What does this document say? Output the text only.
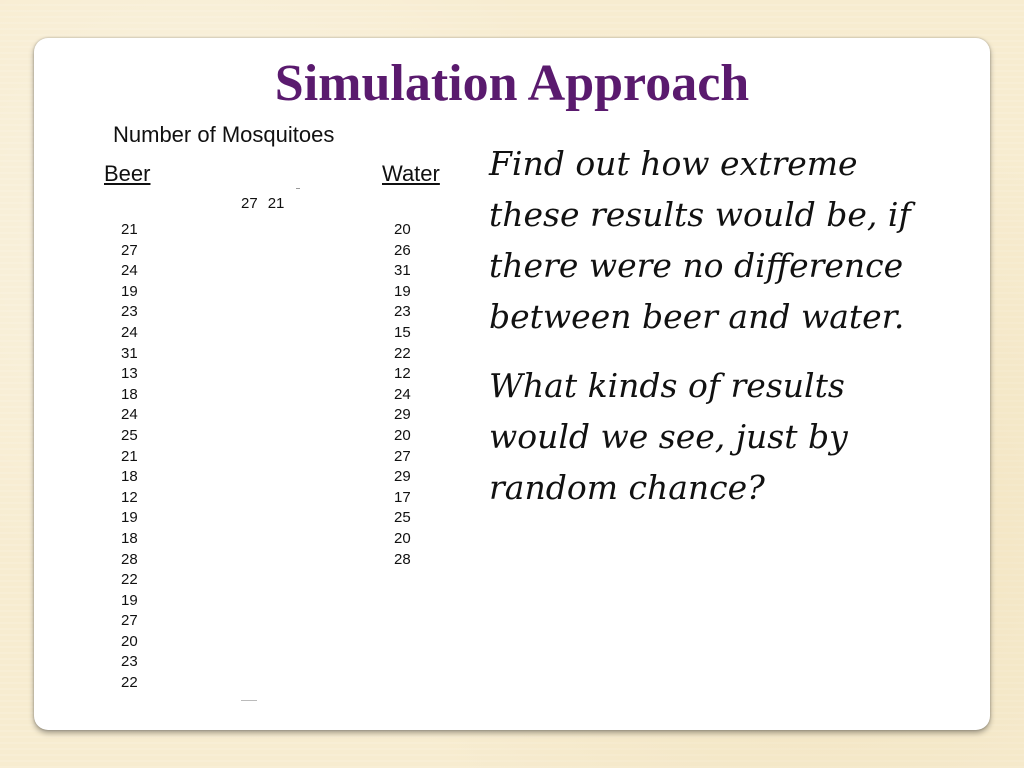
Simulation Approach
Number of Mosquitoes
Beer	Water
27 21
21
27
24
19
23
24
31
13
18
24
25
21
18
12
19
18
28
22
19
27
20
23
22
20
26
31
19
23
15
22
12
24
29
20
27
29
17
25
20
28

Find out how extreme these results would be, if there were no difference between beer and water.

What kinds of results would we see, just by random chance?
